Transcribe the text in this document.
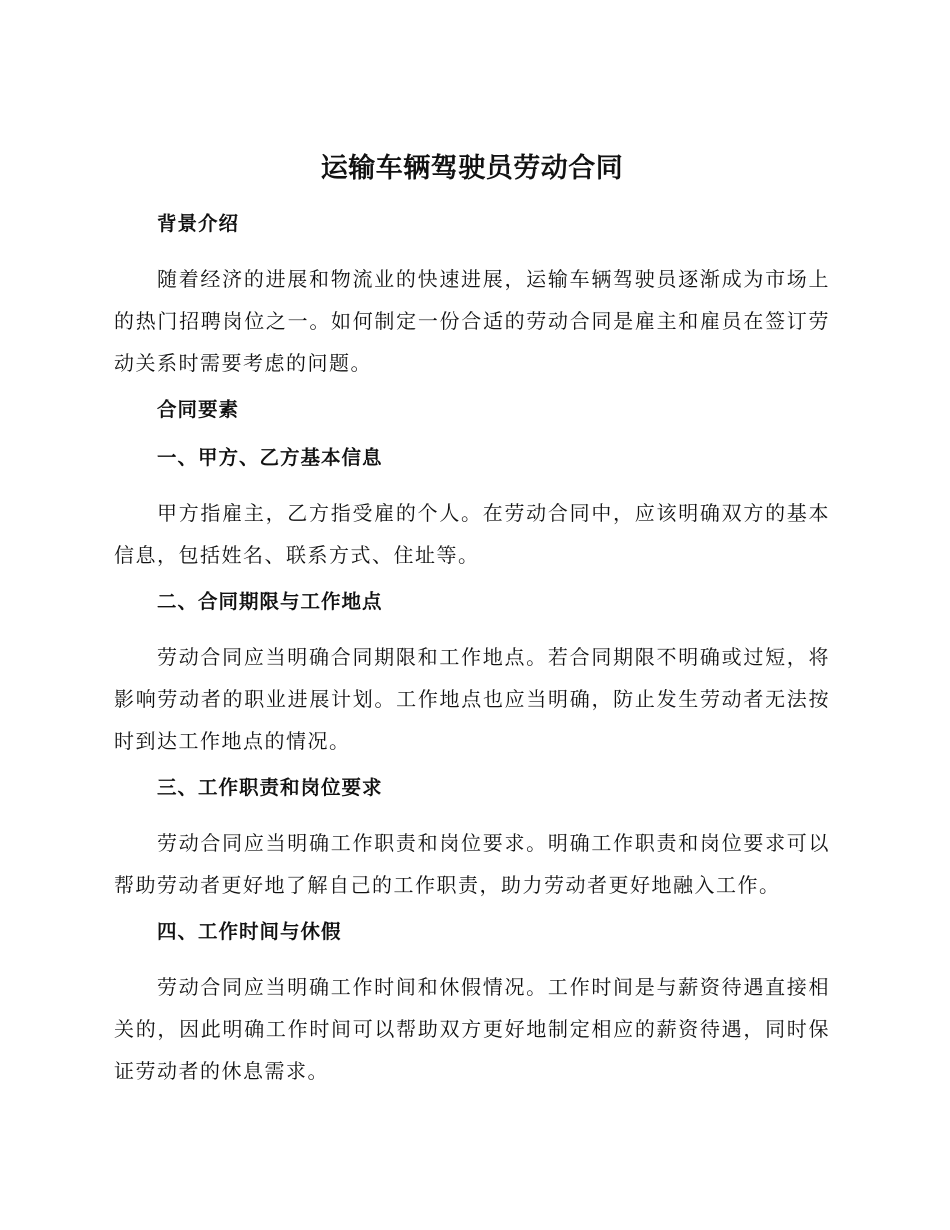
运输车辆驾驶员劳动合同
背景介绍

随着经济的进展和物流业的快速进展，运输车辆驾驶员逐渐成为市场上的热门招聘岗位之一。如何制定一份合适的劳动合同是雇主和雇员在签订劳动关系时需要考虑的问题。

合同要素
一、甲方、乙方基本信息

甲方指雇主，乙方指受雇的个人。在劳动合同中，应该明确双方的基本信息，包括姓名、联系方式、住址等。

二、合同期限与工作地点

劳动合同应当明确合同期限和工作地点。若合同期限不明确或过短，将影响劳动者的职业进展计划。工作地点也应当明确，防止发生劳动者无法按时到达工作地点的情况。

三、工作职责和岗位要求

劳动合同应当明确工作职责和岗位要求。明确工作职责和岗位要求可以帮助劳动者更好地了解自己的工作职责，助力劳动者更好地融入工作。

四、工作时间与休假

劳动合同应当明确工作时间和休假情况。工作时间是与薪资待遇直接相关的，因此明确工作时间可以帮助双方更好地制定相应的薪资待遇，同时保证劳动者的休息需求。
